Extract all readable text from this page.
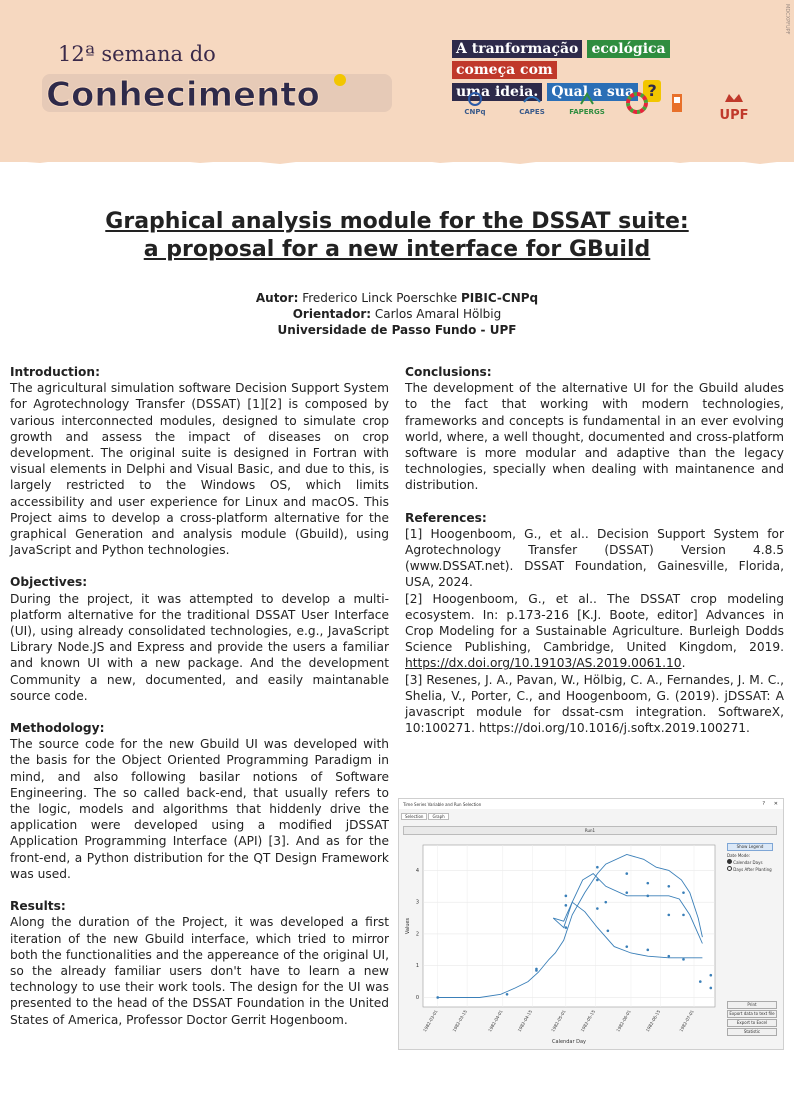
MDCXPFUPF
12ª semana do
Conhecimento
A tranformação ecológica começa com
uma ideia. Qual a sua ?
CNPq	CAPES	FAPERGS	UPF
Graphical analysis module for the DSSAT suite:
a proposal for a new interface for GBuild
Autor: Frederico Linck Poerschke PIBIC-CNPq
Orientador: Carlos Amaral Hölbig
Universidade de Passo Fundo - UPF
Introduction:
The agricultural simulation software Decision Support System for Agrotechnology Transfer (DSSAT) [1][2] is composed by various interconnected modules, designed to simulate crop growth and assess the impact of diseases on crop development. The original suite is designed in Fortran with visual elements in Delphi and Visual Basic, and due to this, is largely restricted to the Windows OS, which limits accessibility and user experience for Linux and macOS. This Project aims to develop a cross-platform alternative for the graphical Generation and analysis module (Gbuild), using JavaScript and Python technologies.
Objectives:
During the project, it was attempted to develop a multi-platform alternative for the traditional DSSAT User Interface (UI), using already consolidated technologies, e.g., JavaScript Library Node.JS and Express and provide the users a familiar and known UI with a new package. And the development Community a new, documented, and easily maintanable source code.
Methodology:
The source code for the new Gbuild UI was developed with the basis for the Object Oriented Programming Paradigm in mind, and also following basilar notions of Software Engineering. The so called back-end, that usually refers to the logic, models and algorithms that hiddenly drive the application were developed using a modified jDSSAT Application Programming Interface (API) [3]. And as for the front-end, a Python distribution for the QT Design Framework was used.
Results:
Along the duration of the Project, it was developed a first iteration of the new Gbuild interface, which tried to mirror both the functionalities and the appereance of the original UI, so the already familiar users don't have to learn a new technology to use their work tools. The design for the UI was presented to the head of the DSSAT Foundation in the United States of America, Professor Doctor Gerrit Hogenboom.
Conclusions:
The development of the alternative UI for the Gbuild aludes to the fact that working with modern technologies, frameworks and concepts is fundamental in an ever evolving world, where, a well thought, documented and cross-platform software is more modular and adaptive than the legacy technologies, specially when dealing with maintanence and distribution.
References:

[1] Hoogenboom, G., et al.. Decision Support System for Agrotechnology Transfer (DSSAT) Version 4.8.5 (www.DSSAT.net). DSSAT Foundation, Gainesville, Florida, USA, 2024.

[2] Hoogenboom, G., et al.. The DSSAT crop modeling ecosystem. In: p.173-216 [K.J. Boote, editor] Advances in Crop Modeling for a Sustainable Agriculture. Burleigh Dodds Science Publishing, Cambridge, United Kingdom, 2019. https://dx.doi.org/10.19103/AS.2019.0061.10.

[3] Resenes, J. A., Pavan, W., Hölbig, C. A., Fernandes, J. M. C., Shelia, V., Porter, C., and Hoogenboom, G. (2019). jDSSAT: A javascript module for dssat-csm integration. SoftwareX, 10:100271. https://doi.org/10.1016/j.softx.2019.100271.

Time Series Variable and Run Selection	? ✕
Selection Graph
Run1
0
1
2
3
4
1982-03-01	1982-03-15	1982-04-01	1982-04-15	1982-05-01	1982-05-15	1982-06-01	1982-06-15	1982-07-01
Values
Calendar Day
Show Legend
Date Mode:
Calendar Days
Days After Planting
Print
Export data to text file
Export to Excel
Statistic
